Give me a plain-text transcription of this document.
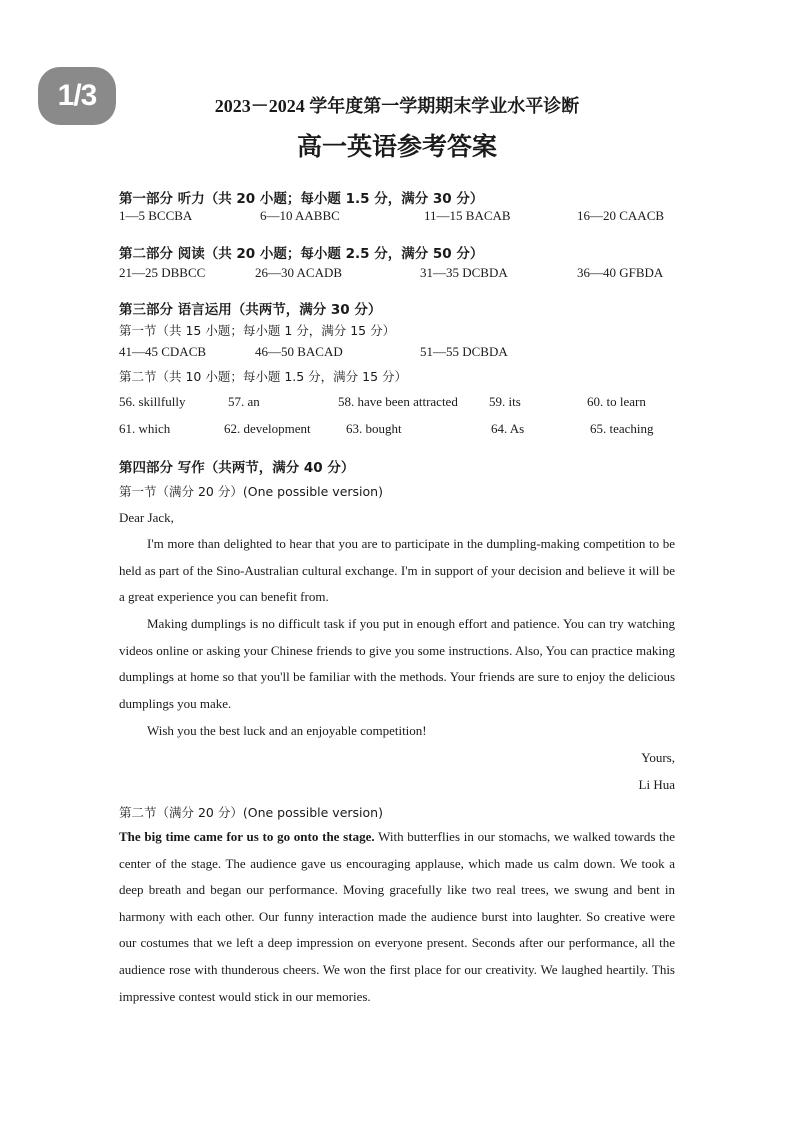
1/3	2023－2024 学年度第一学期期末学业水平诊断
高一英语参考答案
第一部分 听力（共 20 小题；每小题 1.5 分，满分 30 分）
1—5 BCCBA	6—10 AABBC	11—15 BACAB	16—20 CAACB
第二部分 阅读（共 20 小题；每小题 2.5 分，满分 50 分）
21—25 DBBCC	26—30 ACADB	31—35 DCBDA	36—40 GFBDA
第三部分 语言运用（共两节，满分 30 分）
第一节（共 15 小题；每小题 1 分，满分 15 分）
41—45 CDACB	46—50 BACAD	51—55 DCBDA
第二节（共 10 小题；每小题 1.5 分，满分 15 分）
56. skillfully	57. an	58. have been attracted 59. its	60. to learn
61. which	62. development	63. bought	64. As	65. teaching
第四部分 写作（共两节，满分 40 分）
第一节（满分 20 分）(One possible version)
Dear Jack,
I'm more than delighted to hear that you are to participate in the dumpling-making competition to be held as part of the Sino-Australian cultural exchange. I'm in support of your decision and believe it will be a great experience you can benefit from.
Making dumplings is no difficult task if you put in enough effort and patience. You can try watching videos online or asking your Chinese friends to give you some instructions. Also, You can practice making dumplings at home so that you'll be familiar with the methods. Your friends are sure to enjoy the delicious dumplings you make.
Wish you the best luck and an enjoyable competition!
Yours,
Li Hua
第二节（满分 20 分）(One possible version)
The big time came for us to go onto the stage. With butterflies in our stomachs, we walked towards the center of the stage. The audience gave us encouraging applause, which made us calm down. We took a deep breath and began our performance. Moving gracefully like two real trees, we swung and bent in harmony with each other. Our funny interaction made the audience burst into laughter. So creative were our costumes that we left a deep impression on everyone present. Seconds after our performance, all the audience rose with thunderous cheers. We won the first place for our creativity. We laughed heartily. This impressive contest would stick in our memories.
